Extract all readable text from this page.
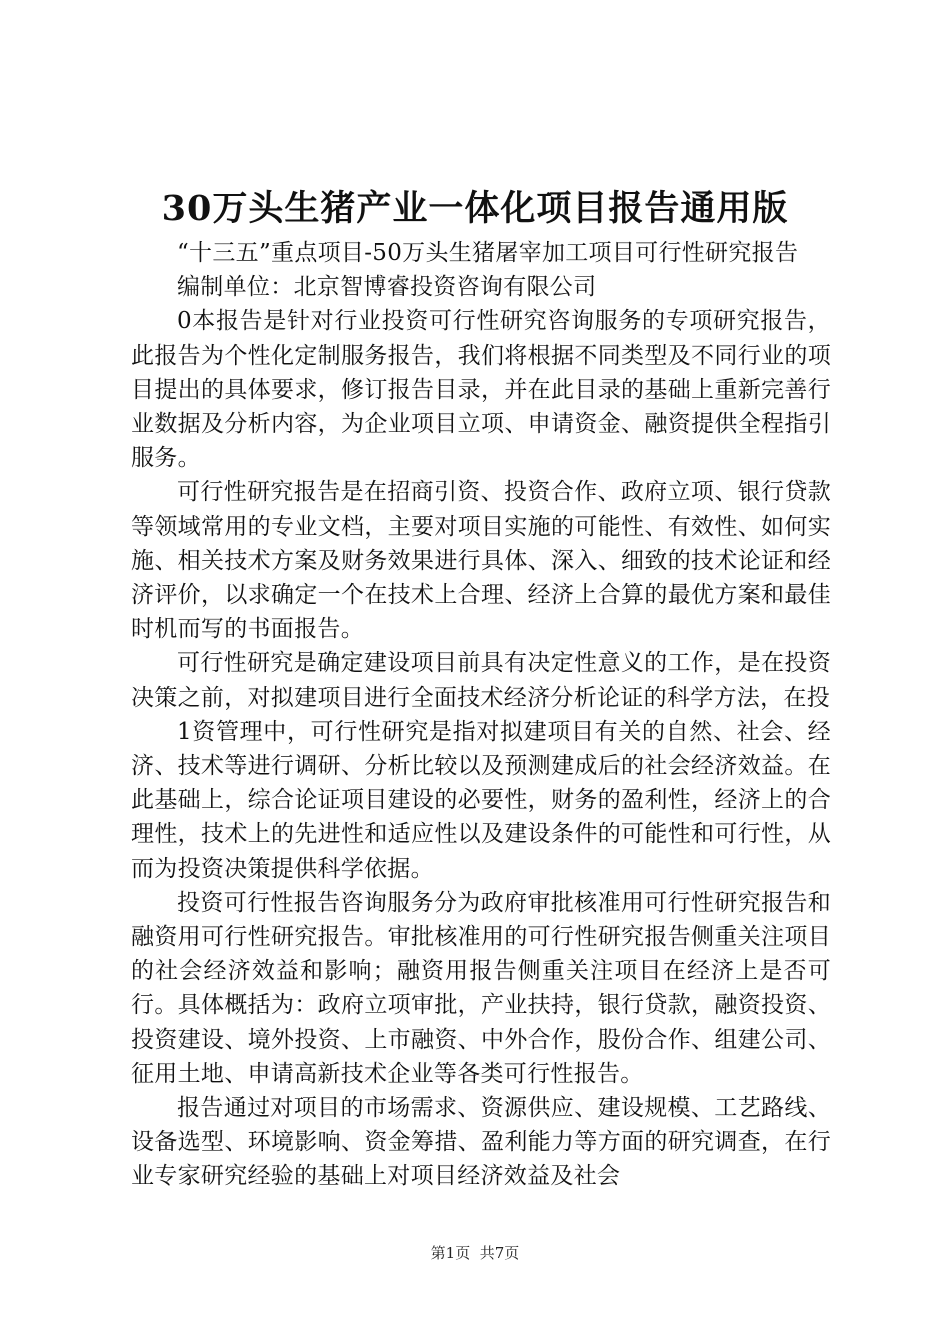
30万头生猪产业一体化项目报告通用版

“十三五”重点项目-50万头生猪屠宰加工项目可行性研究报告

编制单位：北京智博睿投资咨询有限公司

0本报告是针对行业投资可行性研究咨询服务的专项研究报告，此报告为个性化定制服务报告，我们将根据不同类型及不同行业的项目提出的具体要求，修订报告目录，并在此目录的基础上重新完善行业数据及分析内容，为企业项目立项、申请资金、融资提供全程指引服务。

可行性研究报告是在招商引资、投资合作、政府立项、银行贷款等领域常用的专业文档，主要对项目实施的可能性、有效性、如何实施、相关技术方案及财务效果进行具体、深入、细致的技术论证和经济评价，以求确定一个在技术上合理、经济上合算的最优方案和最佳时机而写的书面报告。

可行性研究是确定建设项目前具有决定性意义的工作，是在投资决策之前，对拟建项目进行全面技术经济分析论证的科学方法，在投

1资管理中，可行性研究是指对拟建项目有关的自然、社会、经济、技术等进行调研、分析比较以及预测建成后的社会经济效益。在此基础上，综合论证项目建设的必要性，财务的盈利性，经济上的合理性，技术上的先进性和适应性以及建设条件的可能性和可行性，从而为投资决策提供科学依据。

投资可行性报告咨询服务分为政府审批核准用可行性研究报告和融资用可行性研究报告。审批核准用的可行性研究报告侧重关注项目的社会经济效益和影响；融资用报告侧重关注项目在经济上是否可行。具体概括为：政府立项审批，产业扶持，银行贷款，融资投资、投资建设、境外投资、上市融资、中外合作，股份合作、组建公司、征用土地、申请高新技术企业等各类可行性报告。

报告通过对项目的市场需求、资源供应、建设规模、工艺路线、设备选型、环境影响、资金筹措、盈利能力等方面的研究调查，在行业专家研究经验的基础上对项目经济效益及社会

第1页 共7页
